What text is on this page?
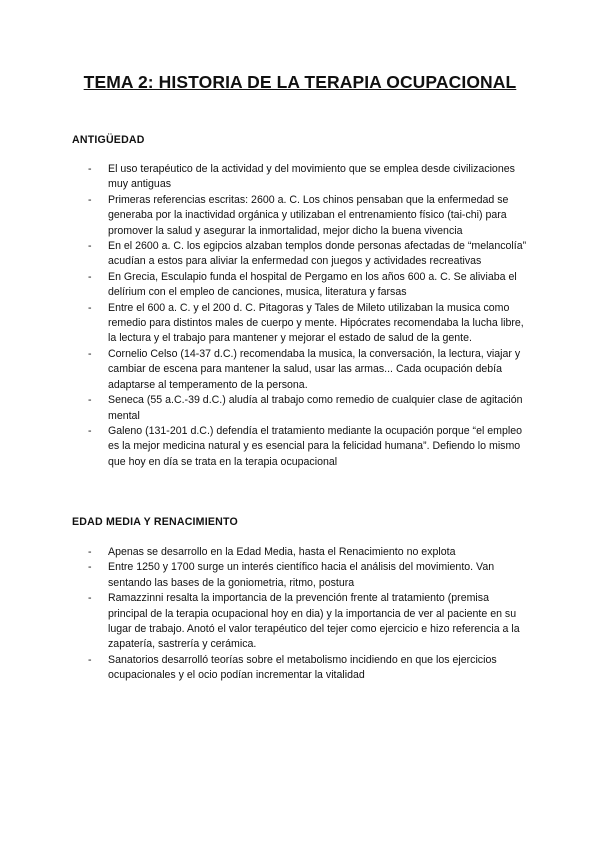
TEMA 2: HISTORIA DE LA TERAPIA OCUPACIONAL
ANTIGÜEDAD
- El uso terapéutico de la actividad y del movimiento que se emplea desde civilizaciones muy antiguas
- Primeras referencias escritas: 2600 a. C. Los chinos pensaban que la enfermedad se generaba por la inactividad orgánica y utilizaban el entrenamiento físico (tai-chi) para promover la salud y asegurar la inmortalidad, mejor dicho la buena vivencia
- En el 2600 a. C. los egipcios alzaban templos donde personas afectadas de “melancolía” acudían a estos para aliviar la enfermedad con juegos y actividades recreativas
- En Grecia, Esculapio funda el hospital de Pergamo en los años 600 a. C. Se aliviaba el delírium con el empleo de canciones, musica, literatura y farsas
- Entre el 600 a. C. y el 200 d. C. Pitagoras y Tales de Mileto utilizaban la musica como remedio para distintos males de cuerpo y mente. Hipócrates recomendaba la lucha libre, la lectura y el trabajo para mantener y mejorar el estado de salud de la gente.
- Cornelio Celso (14-37 d.C.) recomendaba la musica, la conversación, la lectura, viajar y cambiar de escena para mantener la salud, usar las armas... Cada ocupación debía adaptarse al temperamento de la persona.
- Seneca (55 a.C.-39 d.C.) aludía al trabajo como remedio de cualquier clase de agitación mental
- Galeno (131-201 d.C.) defendía el tratamiento mediante la ocupación porque “el empleo es la mejor medicina natural y es esencial para la felicidad humana”. Defiendo lo mismo que hoy en día se trata en la terapia ocupacional
EDAD MEDIA Y RENACIMIENTO
- Apenas se desarrollo en la Edad Media, hasta el Renacimiento no explota
- Entre 1250 y 1700 surge un interés científico hacia el análisis del movimiento. Van sentando las bases de la goniometria, ritmo, postura
- Ramazzinni resalta la importancia de la prevención frente al tratamiento (premisa principal de la terapia ocupacional hoy en dia) y la importancia de ver al paciente en su lugar de trabajo. Anotó el valor terapéutico del tejer como ejercicio e hizo referencia a la zapatería, sastrería y cerámica.
- Sanatorios desarrolló teorías sobre el metabolismo incidiendo en que los ejercicios ocupacionales y el ocio podían incrementar la vitalidad
